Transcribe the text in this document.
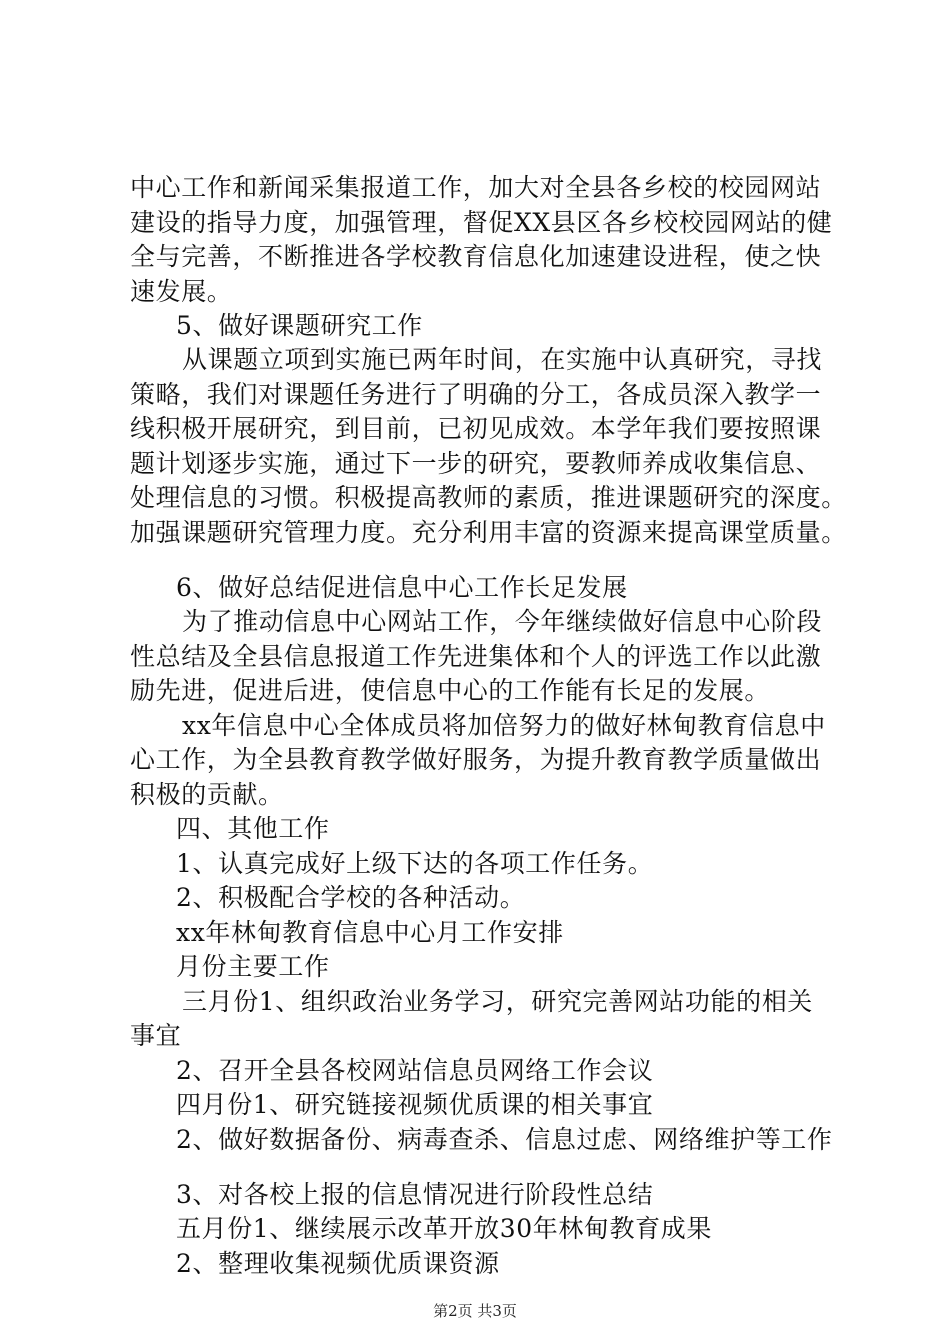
中心工作和新闻采集报道工作，加大对全县各乡校的校园网站
建设的指导力度，加强管理，督促XX县区各乡校校园网站的健
全与完善，不断推进各学校教育信息化加速建设进程，使之快
速发展。
5、做好课题研究工作
从课题立项到实施已两年时间，在实施中认真研究，寻找
策略，我们对课题任务进行了明确的分工，各成员深入教学一
线积极开展研究，到目前，已初见成效。本学年我们要按照课
题计划逐步实施，通过下一步的研究，要教师养成收集信息、
处理信息的习惯。积极提高教师的素质，推进课题研究的深度。
加强课题研究管理力度。充分利用丰富的资源来提高课堂质量。
6、做好总结促进信息中心工作长足发展
为了推动信息中心网站工作，今年继续做好信息中心阶段
性总结及全县信息报道工作先进集体和个人的评选工作以此激
励先进，促进后进，使信息中心的工作能有长足的发展。
xx年信息中心全体成员将加倍努力的做好林甸教育信息中
心工作，为全县教育教学做好服务，为提升教育教学质量做出
积极的贡献。
四、其他工作
1、认真完成好上级下达的各项工作任务。
2、积极配合学校的各种活动。
xx年林甸教育信息中心月工作安排
月份主要工作
三月份1、组织政治业务学习，研究完善网站功能的相关
事宜
2、召开全县各校网站信息员网络工作会议
四月份1、研究链接视频优质课的相关事宜
2、做好数据备份、病毒查杀、信息过虑、网络维护等工作
3、对各校上报的信息情况进行阶段性总结
五月份1、继续展示改革开放30年林甸教育成果
2、整理收集视频优质课资源
第2页 共3页
